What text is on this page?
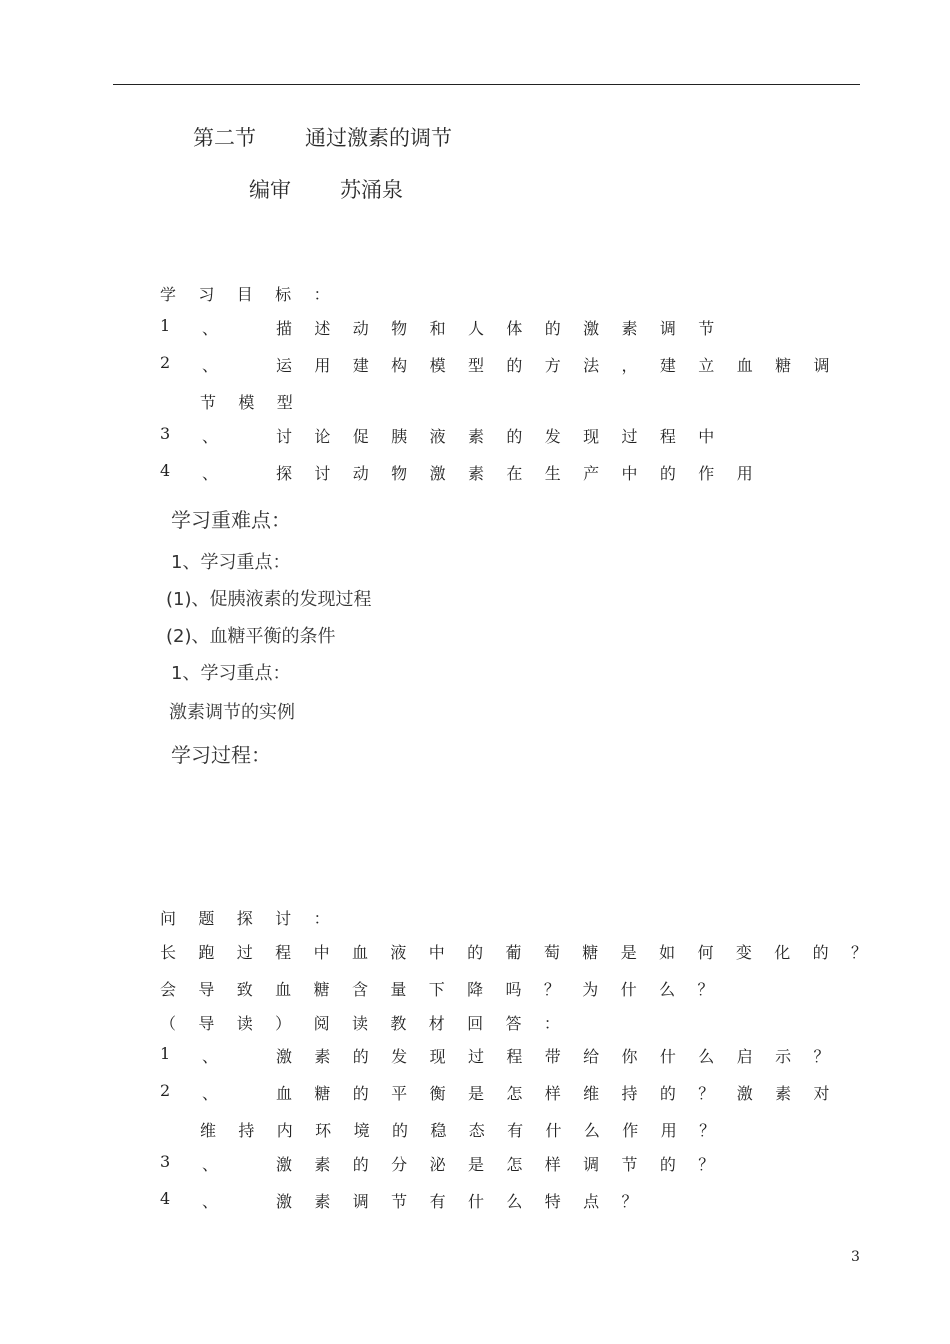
第二节 通过激素的调节
编审 苏涌泉
学 习 目 标 ：
1 、	描 述 动 物 和 人 体 的 激 素 调 节
2 、	运 用 建 构 模 型 的 方 法 ， 建 立 血 糖 调
节 模 型
3 、	讨 论 促 胰 液 素 的 发 现 过 程 中
4 、	探 讨 动 物 激 素 在 生 产 中 的 作 用
学习重难点：
1、学习重点：
(1)、促胰液素的发现过程
(2)、血糖平衡的条件
1、学习重点：
激素调节的实例
学习过程：
问 题 探 讨 ：
长 跑 过 程 中 血 液 中 的 葡 萄 糖 是 如 何 变 化 的 ？
会 导 致 血 糖 含 量 下 降 吗 ？ 为 什 么 ？
（ 导 读 ） 阅 读 教 材 回 答 ：
1 、	激 素 的 发 现 过 程 带 给 你 什 么 启 示 ？
2 、	血 糖 的 平 衡 是 怎 样 维 持 的 ？ 激 素 对
维 持 内 环 境 的 稳 态 有 什 么 作 用 ？
3 、	激 素 的 分 泌 是 怎 样 调 节 的 ？
4 、	激 素 调 节 有 什 么 特 点 ？
3
